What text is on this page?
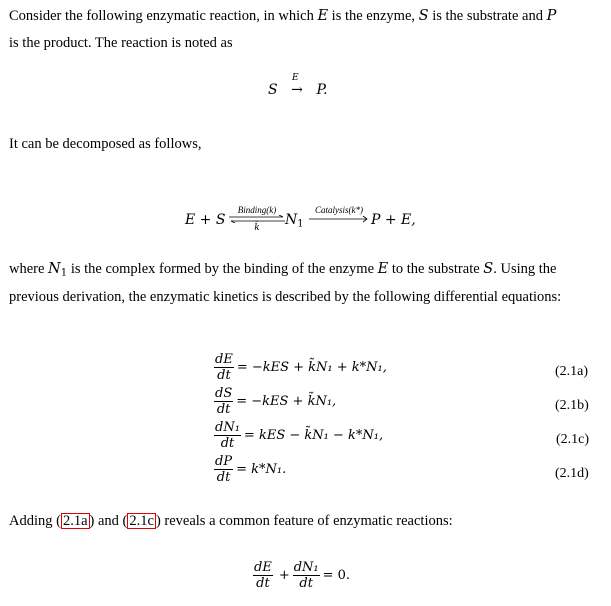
Consider the following enzymatic reaction, in which E is the enzyme, S is the substrate and P
is the product. The reaction is noted as
S
E
→ P.
It can be decomposed as follows,
E + S
Binding(k)
k̄	$N_1$
Catalysis(k*)
P + E,
where $N_1$ is the complex formed by the binding of the enzyme E to the substrate S. Using the
previous derivation, the enzymatic kinetics is described by the following differential equations:
$\frac{dE}{dt} = -kES$ + k̃N₁ + k*N₁,	(2.1a)
$\frac{dS}{dt} = -kES$ + k̃N₁,	(2.1b)
$\frac{\text{dN₁}}{dt}$ = kES − k̃N₁ − k*N₁,	(2.1c)
$\frac{dP}{dt} = k*N_1$.	(2.1d)
Adding ( 2.1a ) and ( 2.1c ) reveals a common feature of enzymatic reactions:
$\frac{dE}{dt} + \frac{\text{dN₁}}{dt} = 0$.
